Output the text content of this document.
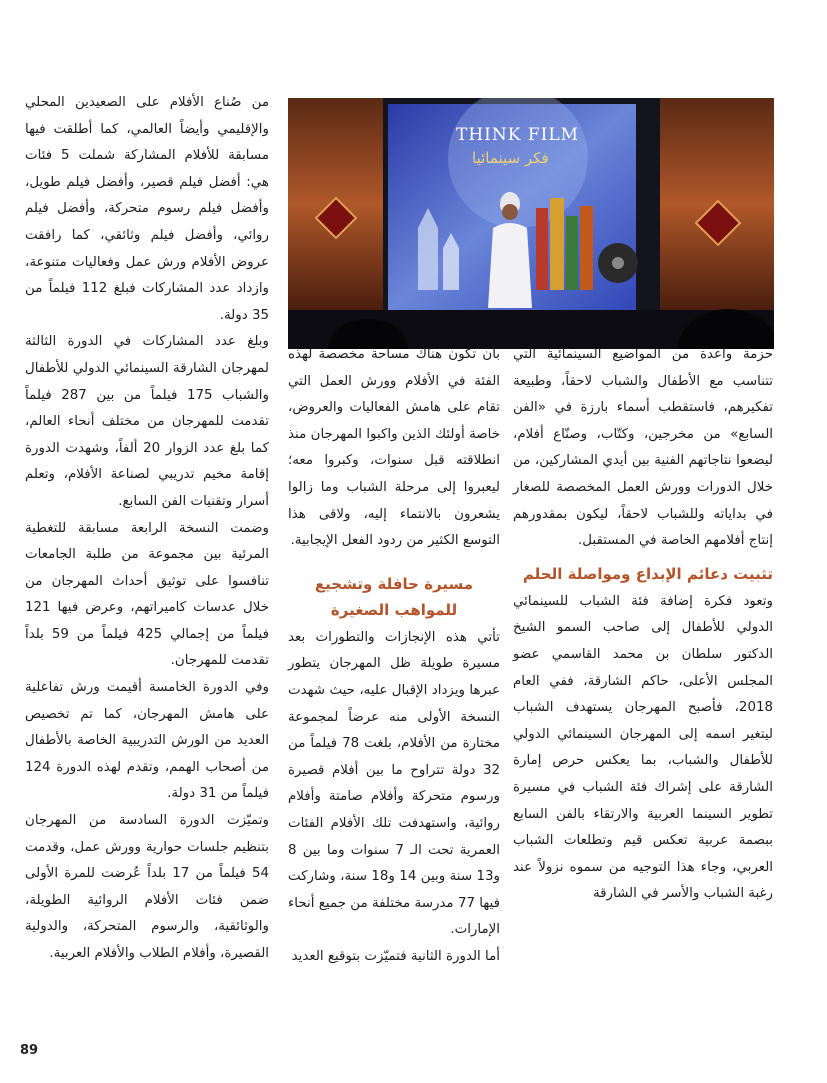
THINK FILM
فكر سينمائيا

حزمة واعدة من المواضيع السينمائية التي تتناسب مع الأطفال والشباب لاحقاً، وطبيعة تفكيرهم، فاستقطب أسماء بارزة في «الفن السابع» من مخرجين، وكتّاب، وصنّاع أفلام، ليضعوا نتاجاتهم الفنية بين أيدي المشاركين، من خلال الدورات وورش العمل المخصصة للصغار في بداياته وللشباب لاحقاً، ليكون بمقدورهم إنتاج أفلامهم الخاصة في المستقبل.

تثبيت دعائم الإبداع ومواصلة الحلم

وتعود فكرة إضافة فئة الشباب للسينمائي الدولي للأطفال إلى صاحب السمو الشيخ الدكتور سلطان بن محمد القاسمي عضو المجلس الأعلى، حاكم الشارقة، ففي العام 2018، فأصبح المهرجان يستهدف الشباب ليتغير اسمه إلى المهرجان السينمائي الدولي للأطفال والشباب، بما يعكس حرص إمارة الشارقة على إشراك فئة الشباب في مسيرة تطوير السينما العربية والارتقاء بالفن السابع ببصمة عربية تعكس قيم وتطلعات الشباب العربي، وجاء هذا التوجيه من سموه نزولاً عند رغبة الشباب والأسر في الشارقة

بأن تكون هناك مساحة مخصصة لهذه الفئة في الأفلام وورش العمل التي تقام على هامش الفعاليات والعروض، خاصة أولئك الذين واكبوا المهرجان منذ انطلاقته قبل سنوات، وكبروا معه؛ ليعبروا إلى مرحلة الشباب وما زالوا يشعرون بالانتماء إليه، ولاقى هذا التوسع الكثير من ردود الفعل الإيجابية.

مسيرة حافلة وتشجيع للمواهب الصغيرة

تأتي هذه الإنجازات والتطورات بعد مسيرة طويلة ظل المهرجان يتطور عبرها ويزداد الإقبال عليه، حيث شهدت النسخة الأولى منه عرضاً لمجموعة مختارة من الأفلام، بلغت 78 فيلماً من 32 دولة تتراوح ما بين أفلام قصيرة ورسوم متحركة وأفلام صامتة وأفلام روائية، واستهدفت تلك الأفلام الفئات العمرية تحت الـ 7 سنوات وما بين 8 و13 سنة وبين 14 و18 سنة، وشاركت فيها 77 مدرسة مختلفة من جميع أنحاء الإمارات.

أما الدورة الثانية فتميّزت بتوقيع العديد

من صُناع الأفلام على الصعيدين المحلي والإقليمي وأيضاً العالمي، كما أطلقت فيها مسابقة للأفلام المشاركة شملت 5 فئات هي: أفضل فيلم قصير، وأفضل فيلم طويل، وأفضل فيلم رسوم متحركة، وأفضل فيلم روائي، وأفضل فيلم وثائقي، كما رافقت عروض الأفلام ورش عمل وفعاليات متنوعة، وازداد عدد المشاركات فبلغ 112 فيلماً من 35 دولة.

وبلغ عدد المشاركات في الدورة الثالثة لمهرجان الشارقة السينمائي الدولي للأطفال والشباب 175 فيلماً من بين 287 فيلماً تقدمت للمهرجان من مختلف أنحاء العالم، كما بلغ عدد الزوار 20 ألفاً، وشهدت الدورة إقامة مخيم تدريبي لصناعة الأفلام، وتعلم أسرار وتقنيات الفن السابع.

وضمت النسخة الرابعة مسابقة للتغطية المرئية بين مجموعة من طلبة الجامعات تنافسوا على توثيق أحداث المهرجان من خلال عدسات كاميراتهم، وعرض فيها 121 فيلماً من إجمالي 425 فيلماً من 59 بلداً تقدمت للمهرجان.

وفي الدورة الخامسة أقيمت ورش تفاعلية على هامش المهرجان، كما تم تخصيص العديد من الورش التدريبية الخاصة بالأطفال من أصحاب الهمم، وتقدم لهذه الدورة 124 فيلماً من 31 دولة.

وتميّزت الدورة السادسة من المهرجان بتنظيم جلسات حوارية وورش عمل، وقدمت 54 فيلماً من 17 بلداً عُرضت للمرة الأولى ضمن فئات الأفلام الروائية الطويلة، والوثائقية، والرسوم المتحركة، والدولية القصيرة، وأفلام الطلاب والأفلام العربية.

89
